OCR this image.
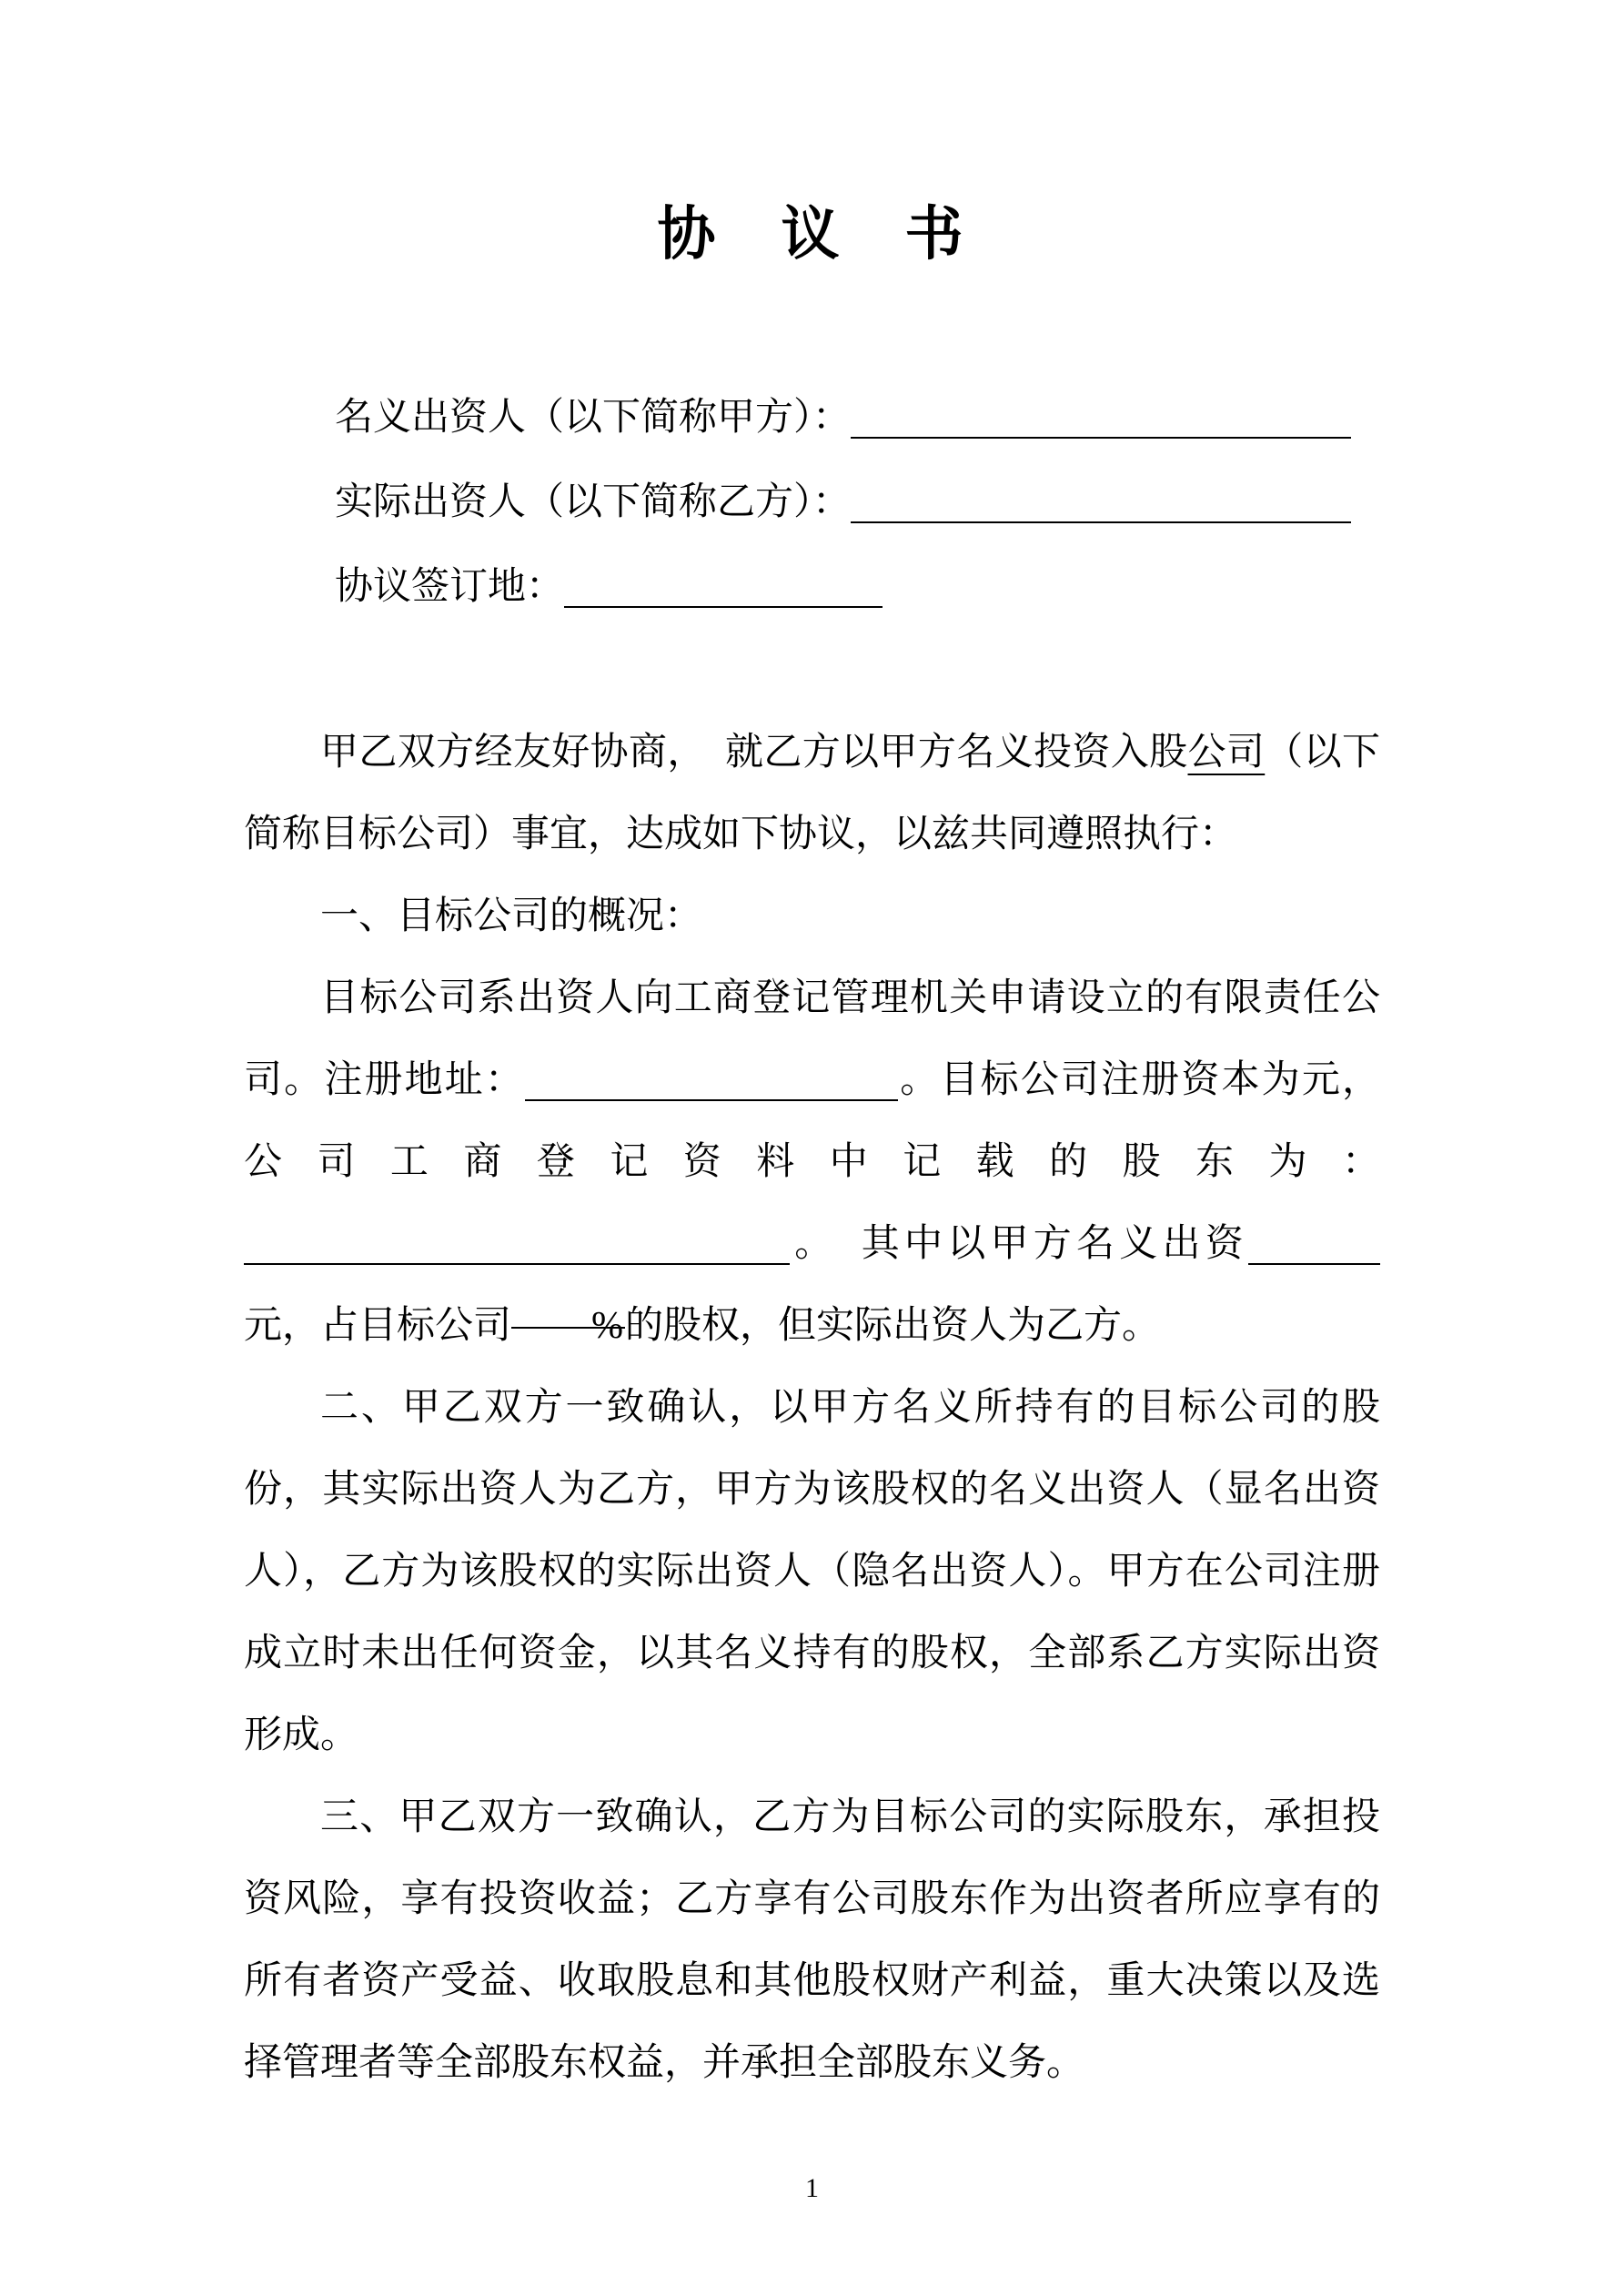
协　议　书
名义出资人（以下简称甲方）：
实际出资人（以下简称乙方）：
协议签订地：

甲乙双方经友好协商，　就乙方以甲方名义投资入股公司（以下简称目标公司）事宜，达成如下协议，以兹共同遵照执行：

一、目标公司的概况：

目标公司系出资人向工商登记管理机关申请设立的有限责任公司。注册地址：	。目标公司注册资本为元，公司工商登记资料中记载的股东为：。　其中以甲方名义出资元，占目标公司 %的股权，但实际出资人为乙方。

二、甲乙双方一致确认，以甲方名义所持有的目标公司的股份，其实际出资人为乙方，甲方为该股权的名义出资人（显名出资人），乙方为该股权的实际出资人（隐名出资人）。甲方在公司注册成立时未出任何资金，以其名义持有的股权，全部系乙方实际出资形成。

三、甲乙双方一致确认，乙方为目标公司的实际股东，承担投资风险，享有投资收益；乙方享有公司股东作为出资者所应享有的所有者资产受益、收取股息和其他股权财产利益，重大决策以及选择管理者等全部股东权益，并承担全部股东义务。

1
